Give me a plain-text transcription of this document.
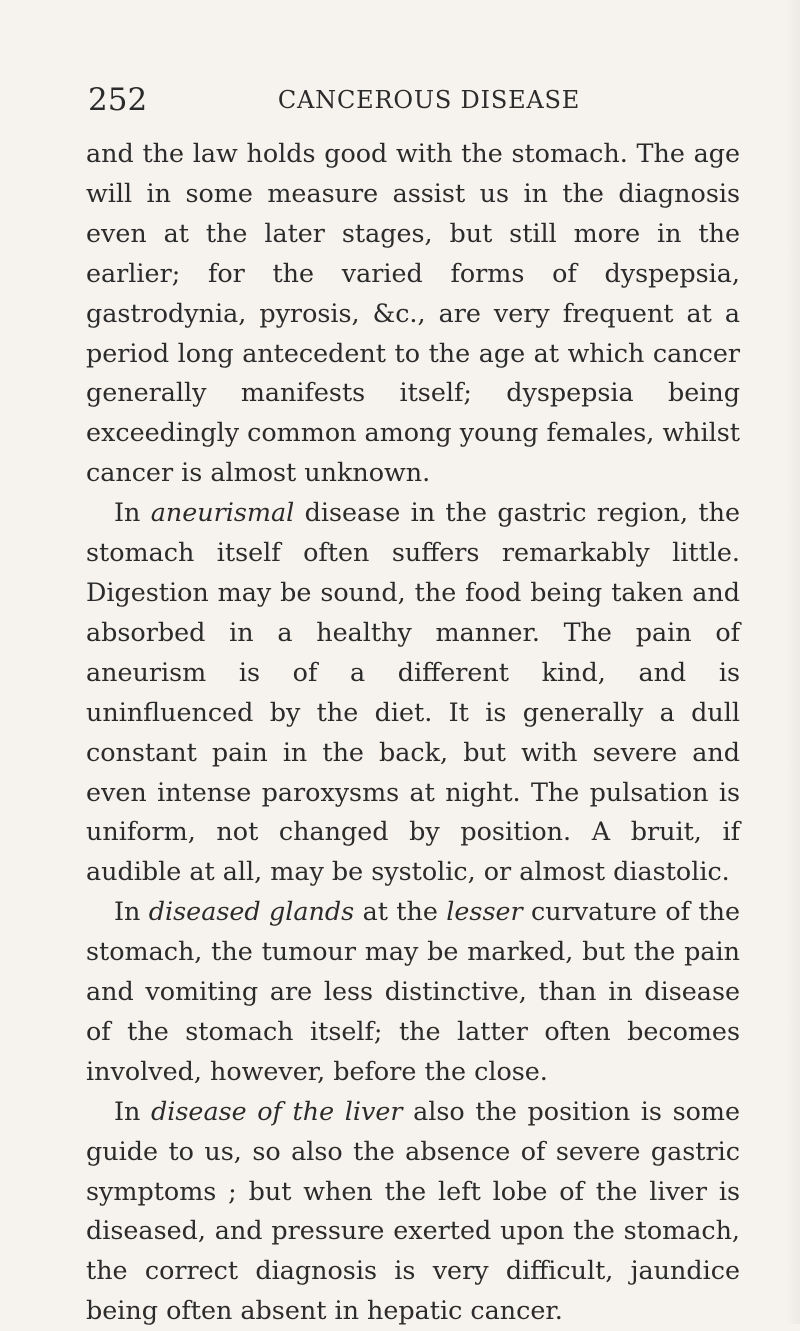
252	CANCEROUS DISEASE

and the law holds good with the stomach. The age will in some measure assist us in the diagnosis even at the later stages, but still more in the earlier; for the varied forms of dyspepsia, gastrodynia, pyrosis, &c., are very frequent at a period long antecedent to the age at which cancer generally manifests itself; dyspepsia being exceedingly common among young females, whilst cancer is almost unknown.

In aneurismal disease in the gastric region, the stomach itself often suffers remarkably little. Digestion may be sound, the food being taken and absorbed in a healthy manner. The pain of aneurism is of a different kind, and is uninfluenced by the diet. It is generally a dull constant pain in the back, but with severe and even intense paroxysms at night. The pulsation is uniform, not changed by position. A bruit, if audible at all, may be systolic, or almost diastolic.

In diseased glands at the lesser curvature of the stomach, the tumour may be marked, but the pain and vomiting are less distinctive, than in disease of the stomach itself; the latter often becomes involved, however, before the close.

In disease of the liver also the position is some guide to us, so also the absence of severe gastric symptoms ; but when the left lobe of the liver is diseased, and pressure exerted upon the stomach, the correct diagnosis is very difficult, jaundice being often absent in hepatic cancer.
